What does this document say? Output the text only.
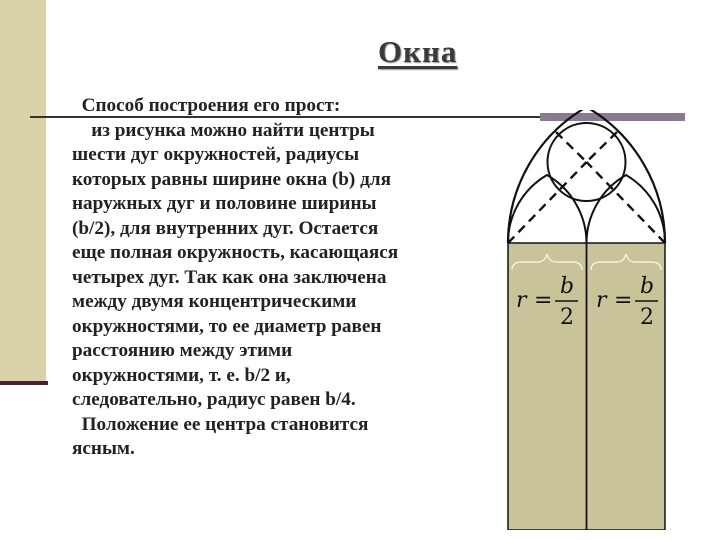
Окна

Способ построения его прост:

из рисунка можно найти центры

шести дуг окружностей, радиусы

которых равны ширине окна (b) для

наружных дуг и половине ширины

(b/2), для внутренних дуг. Остается

еще полная окружность, касающаяся

четырех дуг. Так как она заключена

между двумя концентрическими

окружностями, то ее диаметр равен

расстоянию между этими

окружностями, т. е. b/2 и,

следовательно, радиус равен b/4.

Положение ее центра становится

ясным.

r =
b
2
r =
b
2
